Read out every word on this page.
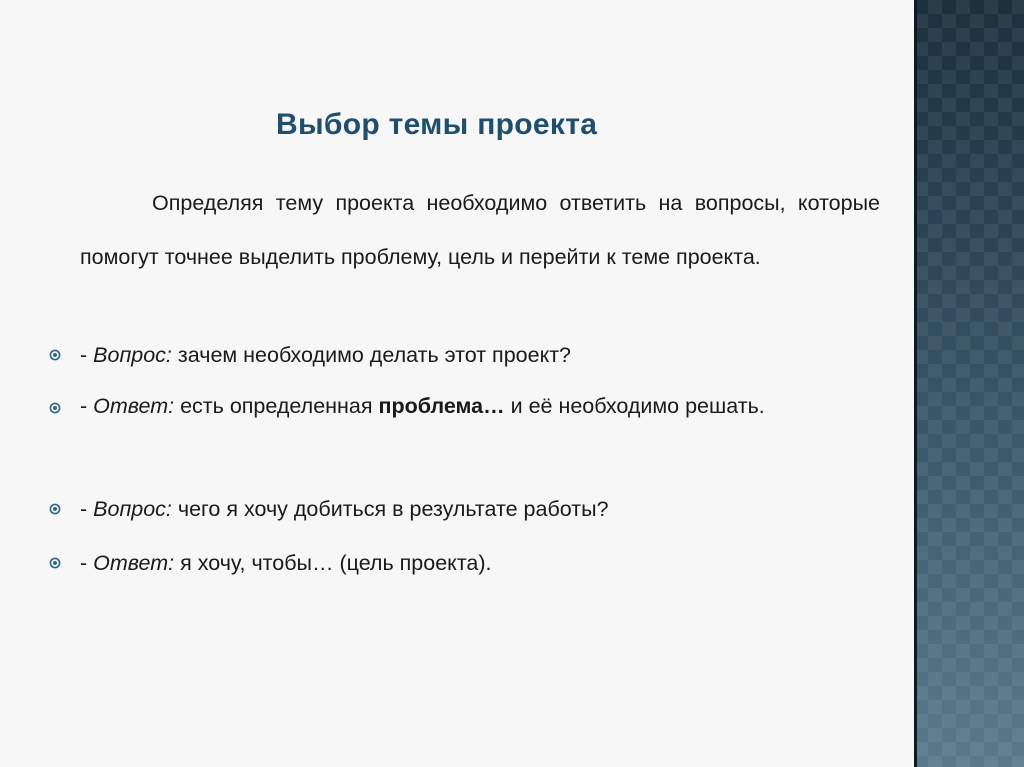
Выбор темы проекта
Определяя тему проекта необходимо ответить на вопросы, которые помогут точнее выделить проблему, цель и перейти к теме проекта.
- Вопрос: зачем необходимо делать этот проект?
- Ответ: есть определенная проблема… и её необходимо решать.
- Вопрос: чего я хочу добиться в результате работы?
- Ответ: я хочу, чтобы… (цель проекта).
